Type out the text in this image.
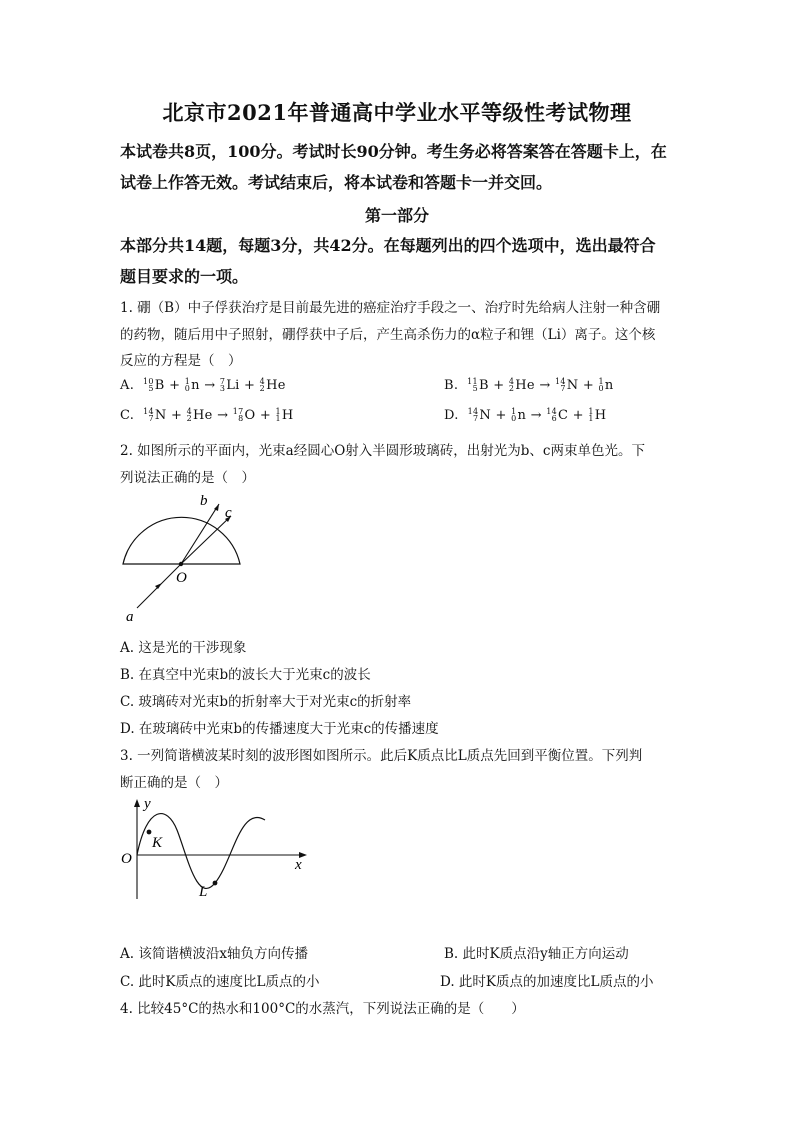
北京市2021年普通高中学业水平等级性考试物理
本试卷共8页，100分。考试时长90分钟。考生务必将答案答在答题卡上，在
试卷上作答无效。考试结束后，将本试卷和答题卡一并交回。
第一部分
本部分共14题，每题3分，共42分。在每题列出的四个选项中，选出最符合
题目要求的一项。
1. 硼（B）中子俘获治疗是目前最先进的癌症治疗手段之一、治疗时先给病人注射一种含硼
的药物，随后用中子照射，硼俘获中子后，产生高杀伤力的α粒子和锂（Li）离子。这个核
反应的方程是（　）
A. 10
5 B + 1
0 n → 7
3 Li + 4
2 He	B. 11
5 B + 4
2 He → 14
7 N + 1
0 n
C. 14
7 N + 4
2 He → 17
8 O + 1
1 H	D. 14
7 N + 1
0 n → 14
6 C + 1
1 H
2. 如图所示的平面内，光束a经圆心O射入半圆形玻璃砖，出射光为b、c两束单色光。下
列说法正确的是（　）
b
c
O
a
A. 这是光的干涉现象
B. 在真空中光束b的波长大于光束c的波长
C. 玻璃砖对光束b的折射率大于对光束c的折射率
D. 在玻璃砖中光束b的传播速度大于光束c的传播速度
3. 一列简谐横波某时刻的波形图如图所示。此后K质点比L质点先回到平衡位置。下列判
断正确的是（　）
y
O
K
L
x
A. 该简谐横波沿x轴负方向传播	B. 此时K质点沿y轴正方向运动
C. 此时K质点的速度比L质点的小	D. 此时K质点的加速度比L质点的小
4. 比较45°C的热水和100°C的水蒸汽，下列说法正确的是（　　）
